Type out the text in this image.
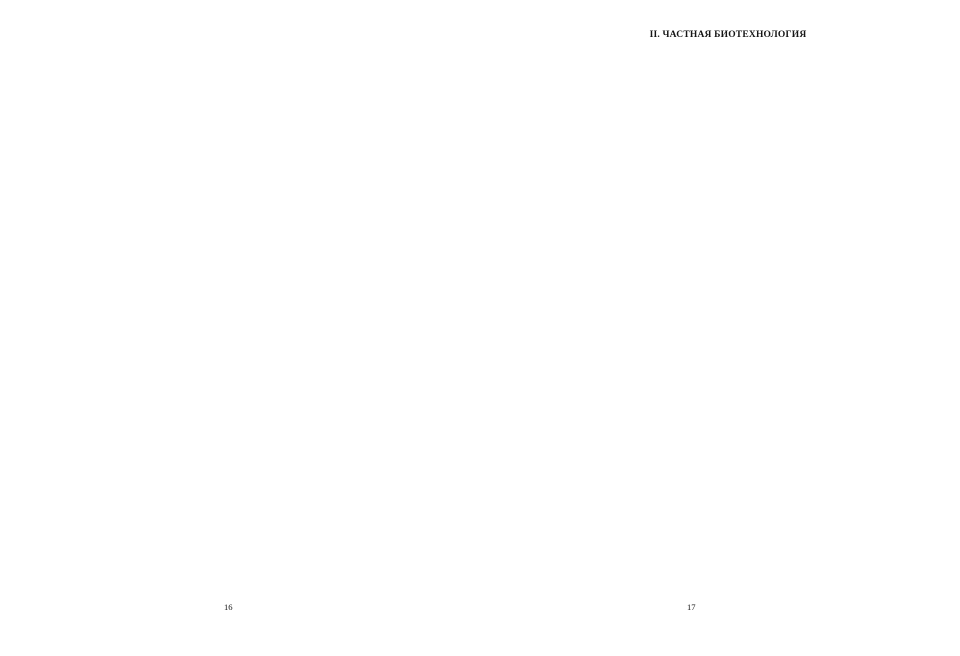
16
II. ЧАСТНАЯ БИОТЕХНОЛОГИЯ
17
